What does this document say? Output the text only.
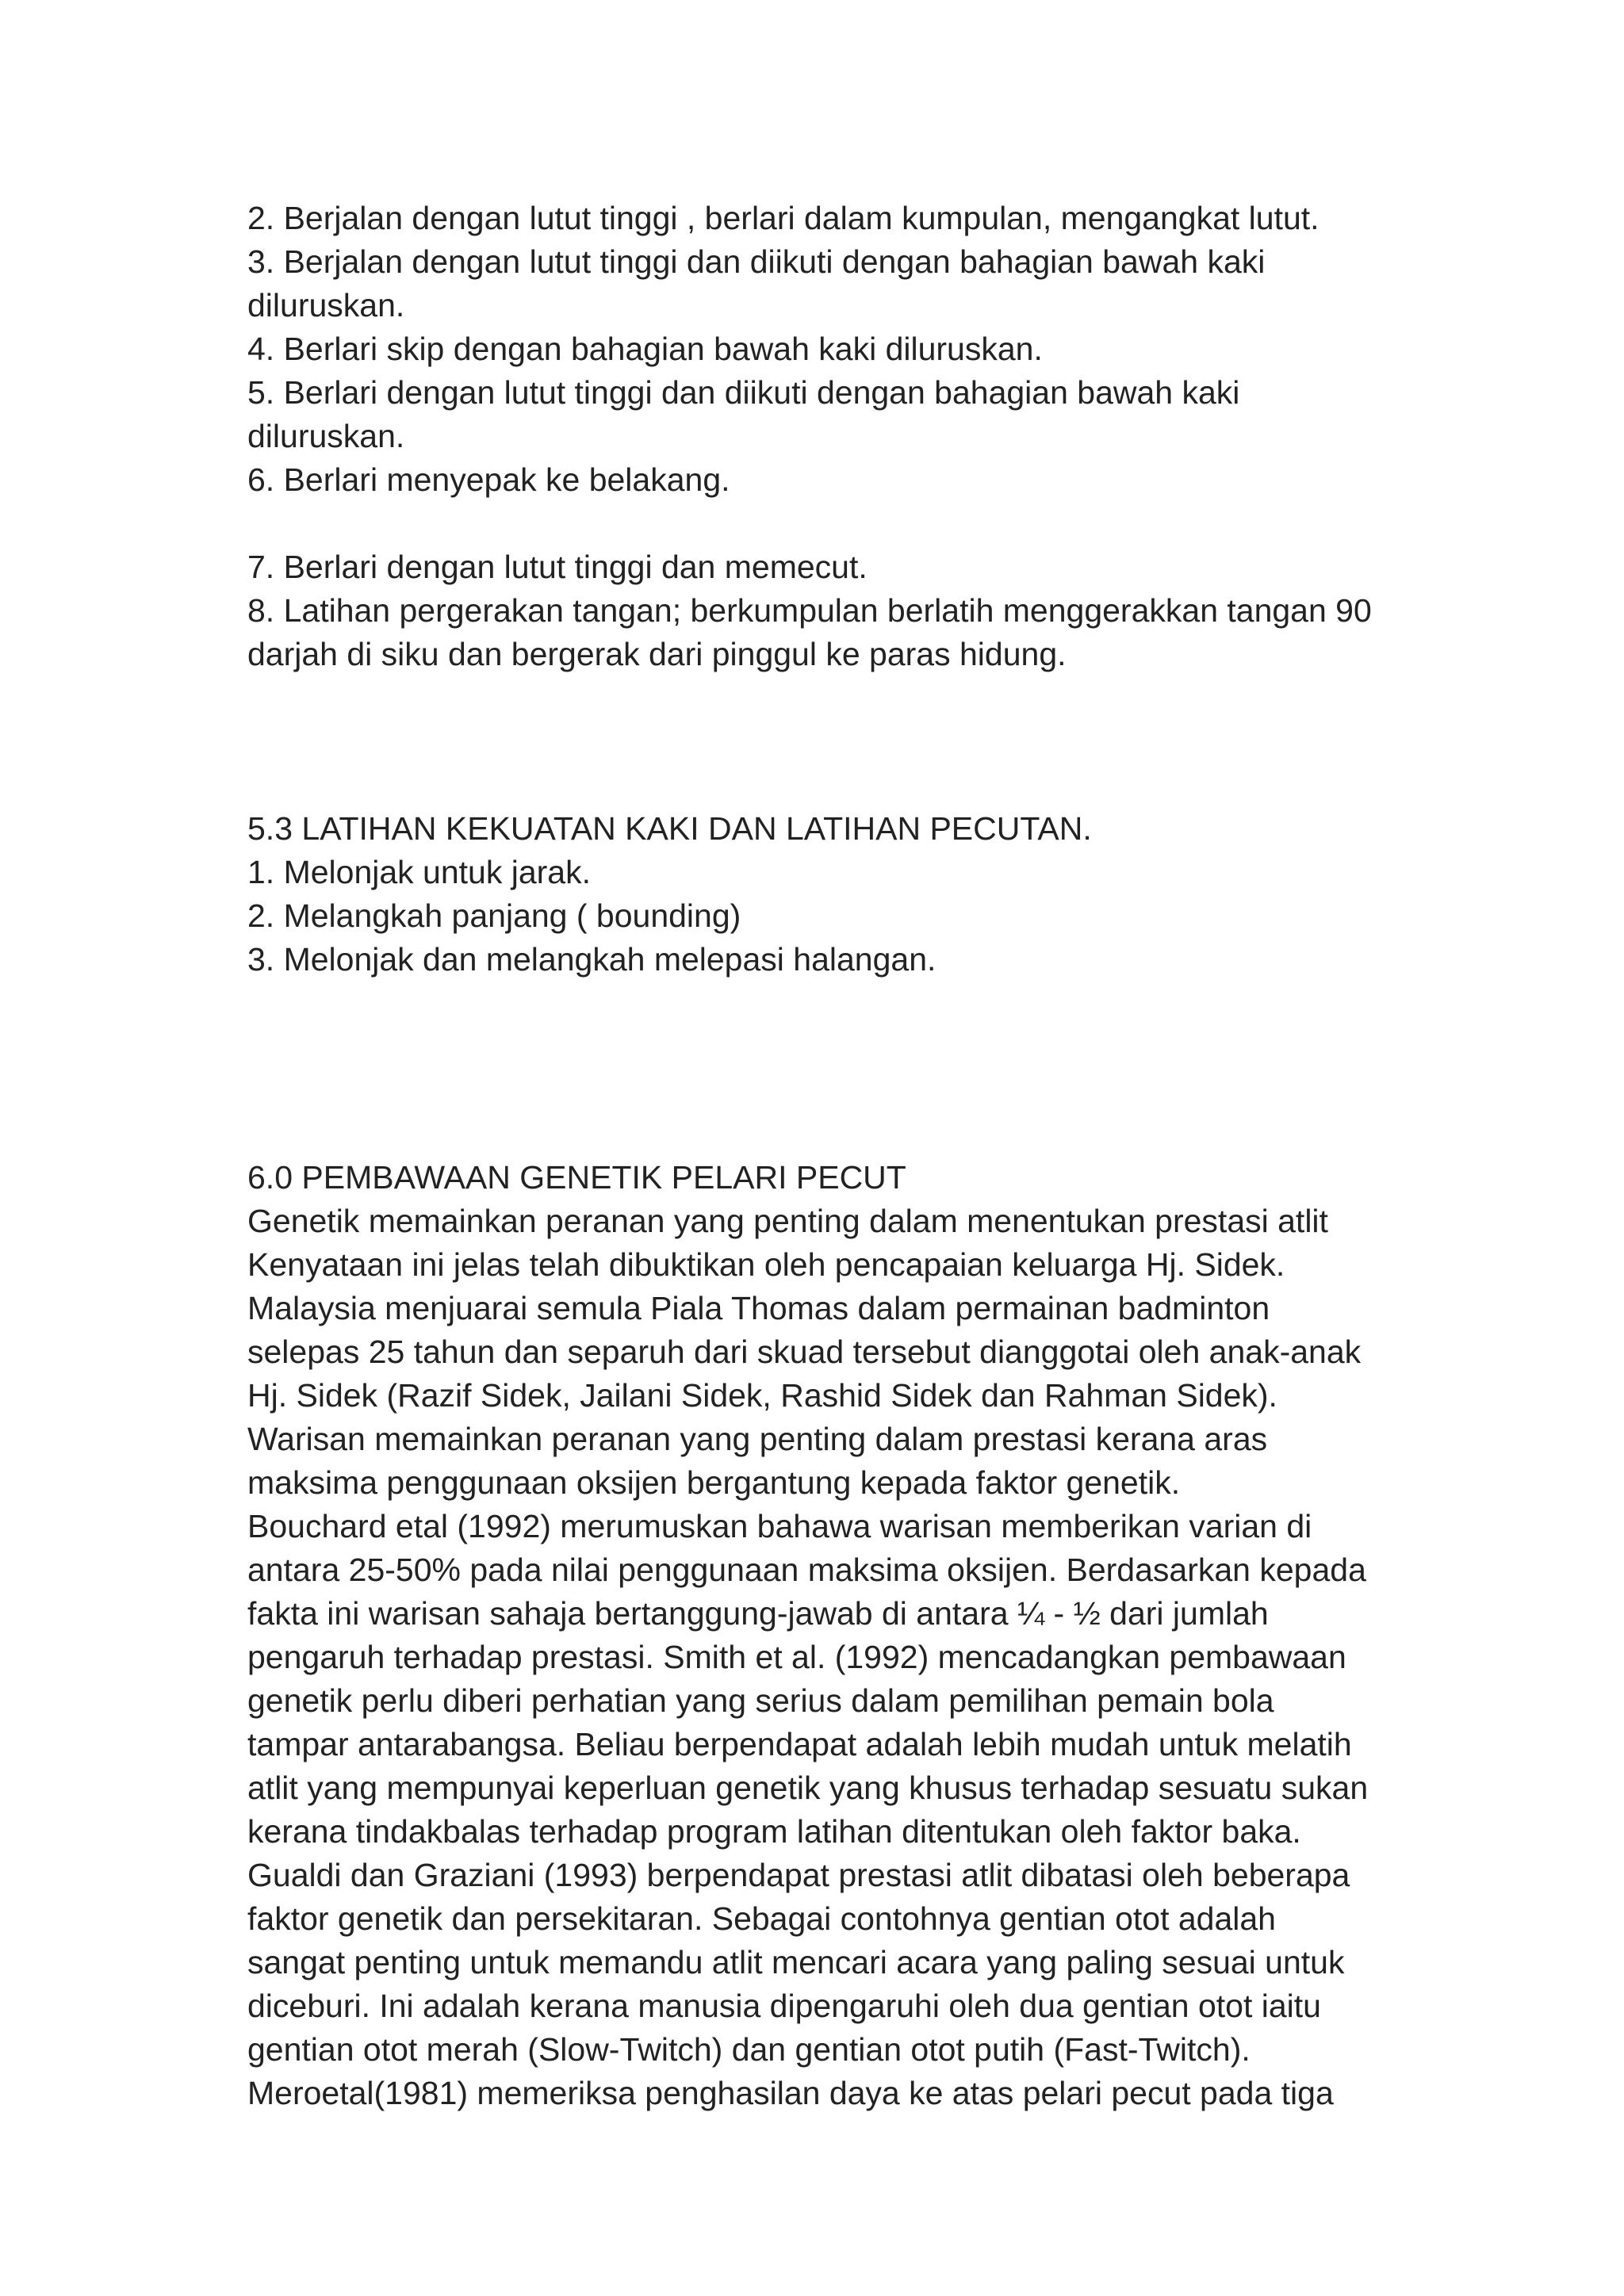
2. Berjalan dengan lutut tinggi , berlari dalam kumpulan, mengangkat lutut.

3. Berjalan dengan lutut tinggi dan diikuti dengan bahagian bawah kaki

diluruskan.

4. Berlari skip dengan bahagian bawah kaki diluruskan.

5. Berlari dengan lutut tinggi dan diikuti dengan bahagian bawah kaki

diluruskan.

6. Berlari menyepak ke belakang.

7. Berlari dengan lutut tinggi dan memecut.

8. Latihan pergerakan tangan; berkumpulan berlatih menggerakkan tangan 90

darjah di siku dan bergerak dari pinggul ke paras hidung.

5.3 LATIHAN KEKUATAN KAKI DAN LATIHAN PECUTAN.

1. Melonjak untuk jarak.

2. Melangkah panjang ( bounding)

3. Melonjak dan melangkah melepasi halangan.

6.0 PEMBAWAAN GENETIK PELARI PECUT

Genetik memainkan peranan yang penting dalam menentukan prestasi atlit

Kenyataan ini jelas telah dibuktikan oleh pencapaian keluarga Hj. Sidek.

Malaysia menjuarai semula Piala Thomas dalam permainan badminton

selepas 25 tahun dan separuh dari skuad tersebut dianggotai oleh anak-anak

Hj. Sidek (Razif Sidek, Jailani Sidek, Rashid Sidek dan Rahman Sidek).

Warisan memainkan peranan yang penting dalam prestasi kerana aras

maksima penggunaan oksijen bergantung kepada faktor genetik.

Bouchard etal (1992) merumuskan bahawa warisan memberikan varian di

antara 25-50% pada nilai penggunaan maksima oksijen. Berdasarkan kepada

fakta ini warisan sahaja bertanggung-jawab di antara ¼ - ½ dari jumlah

pengaruh terhadap prestasi. Smith et al. (1992) mencadangkan pembawaan

genetik perlu diberi perhatian yang serius dalam pemilihan pemain bola

tampar antarabangsa. Beliau berpendapat adalah lebih mudah untuk melatih

atlit yang mempunyai keperluan genetik yang khusus terhadap sesuatu sukan

kerana tindakbalas terhadap program latihan ditentukan oleh faktor baka.

Gualdi dan Graziani (1993) berpendapat prestasi atlit dibatasi oleh beberapa

faktor genetik dan persekitaran. Sebagai contohnya gentian otot adalah

sangat penting untuk memandu atlit mencari acara yang paling sesuai untuk

diceburi. Ini adalah kerana manusia dipengaruhi oleh dua gentian otot iaitu

gentian otot merah (Slow-Twitch) dan gentian otot putih (Fast-Twitch).

Meroetal(1981) memeriksa penghasilan daya ke atas pelari pecut pada tiga
